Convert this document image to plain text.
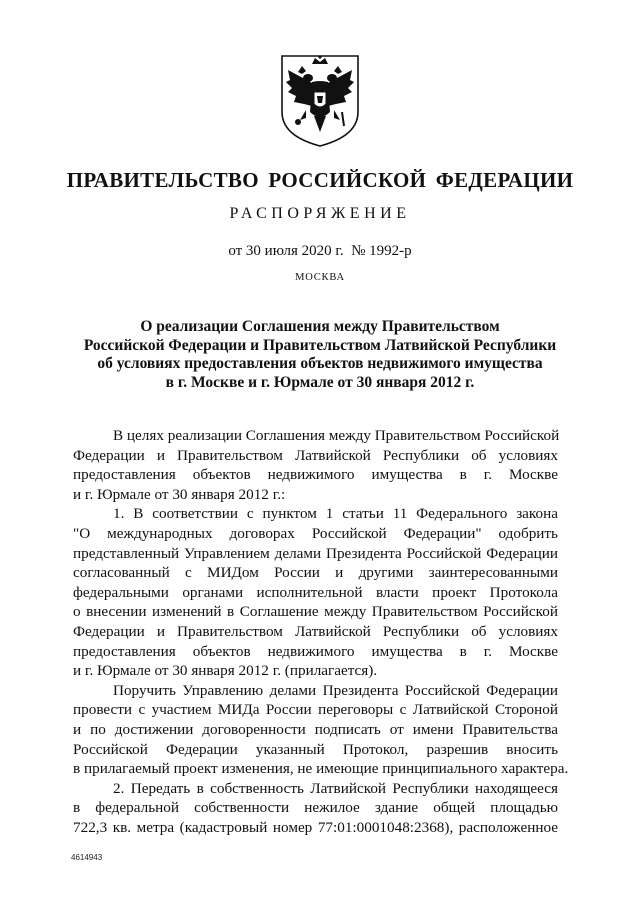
ПРАВИТЕЛЬСТВО РОССИЙСКОЙ ФЕДЕРАЦИИ
РАСПОРЯЖЕНИЕ
от 30 июля 2020 г. № 1992-р
МОСКВА
О реализации Соглашения между Правительством
Российской Федерации и Правительством Латвийской Республики
об условиях предоставления объектов недвижимого имущества
в г. Москве и г. Юрмале от 30 января 2012 г.
В целях реализации Соглашения между Правительством Российской
Федерации и Правительством Латвийской Республики об условиях
предоставления объектов недвижимого имущества в г. Москве
и г. Юрмале от 30 января 2012 г.:
1. В соответствии с пунктом 1 статьи 11 Федерального закона
"О международных договорах Российской Федерации" одобрить
представленный Управлением делами Президента Российской Федерации
согласованный с МИДом России и другими заинтересованными
федеральными органами исполнительной власти проект Протокола
о внесении изменений в Соглашение между Правительством Российской
Федерации и Правительством Латвийской Республики об условиях
предоставления объектов недвижимого имущества в г. Москве
и г. Юрмале от 30 января 2012 г. (прилагается).
Поручить Управлению делами Президента Российской Федерации
провести с участием МИДа России переговоры с Латвийской Стороной
и по достижении договоренности подписать от имени Правительства
Российской Федерации указанный Протокол, разрешив вносить
в прилагаемый проект изменения, не имеющие принципиального характера.
2. Передать в собственность Латвийской Республики находящееся
в федеральной собственности нежилое здание общей площадью
722,3 кв. метра (кадастровый номер 77:01:0001048:2368), расположенное
4614943
